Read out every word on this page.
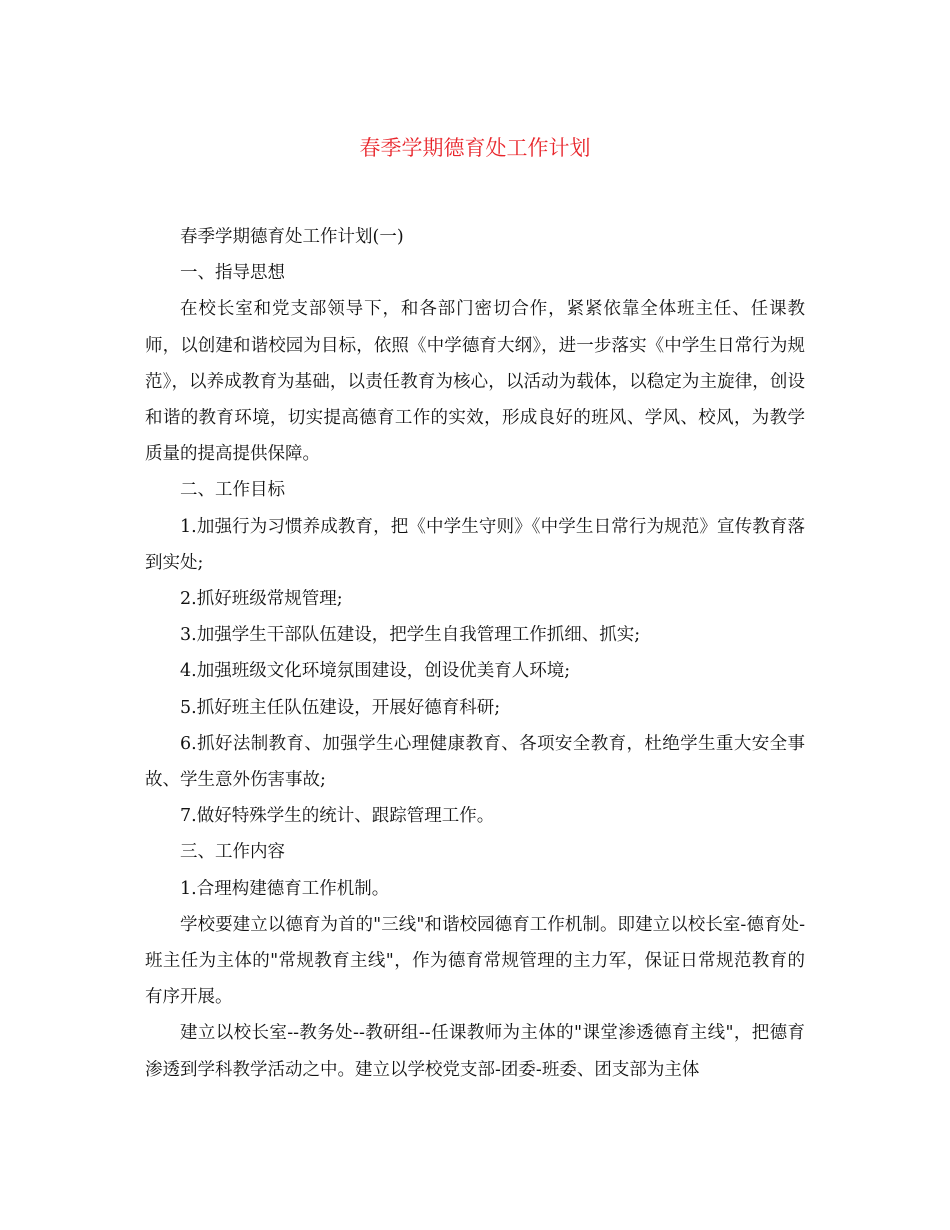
春季学期德育处工作计划

春季学期德育处工作计划(一)

一、指导思想

在校长室和党支部领导下，和各部门密切合作，紧紧依靠全体班主任、任课教师，以创建和谐校园为目标，依照《中学德育大纲》，进一步落实《中学生日常行为规范》，以养成教育为基础，以责任教育为核心，以活动为载体，以稳定为主旋律，创设和谐的教育环境，切实提高德育工作的实效，形成良好的班风、学风、校风，为教学质量的提高提供保障。

二、工作目标

1.加强行为习惯养成教育，把《中学生守则》《中学生日常行为规范》宣传教育落到实处;

2.抓好班级常规管理;

3.加强学生干部队伍建设，把学生自我管理工作抓细、抓实;

4.加强班级文化环境氛围建设，创设优美育人环境;

5.抓好班主任队伍建设，开展好德育科研;

6.抓好法制教育、加强学生心理健康教育、各项安全教育，杜绝学生重大安全事故、学生意外伤害事故;

7.做好特殊学生的统计、跟踪管理工作。

三、工作内容

1.合理构建德育工作机制。

学校要建立以德育为首的"三线"和谐校园德育工作机制。即建立以校长室-德育处-班主任为主体的"常规教育主线"，作为德育常规管理的主力军，保证日常规范教育的有序开展。

建立以校长室--教务处--教研组--任课教师为主体的"课堂渗透德育主线"，把德育渗透到学科教学活动之中。建立以学校党支部-团委-班委、团支部为主体
